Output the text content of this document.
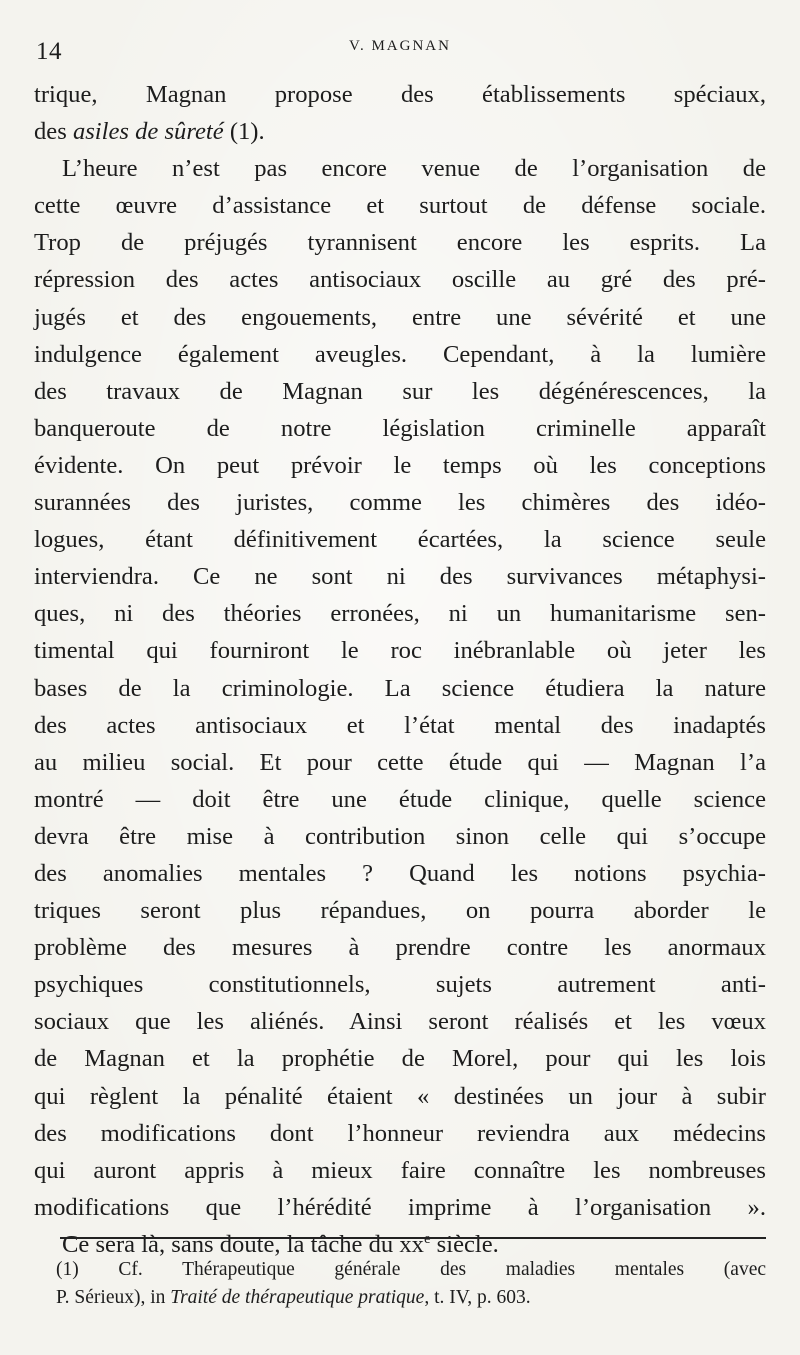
14	V. MAGNAN
trique, Magnan propose des établissements spéciaux,
des asiles de sûreté (1).
L’heure n’est pas encore venue de l’organisation de
cette œuvre d’assistance et surtout de défense sociale.
Trop de préjugés tyrannisent encore les esprits. La
répression des actes antisociaux oscille au gré des pré-
jugés et des engouements, entre une sévérité et une
indulgence également aveugles. Cependant, à la lumière
des travaux de Magnan sur les dégénérescences, la
banqueroute de notre législation criminelle apparaît
évidente. On peut prévoir le temps où les conceptions
surannées des juristes, comme les chimères des idéo-
logues, étant définitivement écartées, la science seule
interviendra. Ce ne sont ni des survivances métaphysi-
ques, ni des théories erronées, ni un humanitarisme sen-
timental qui fourniront le roc inébranlable où jeter les
bases de la criminologie. La science étudiera la nature
des actes antisociaux et l’état mental des inadaptés
au milieu social. Et pour cette étude qui — Magnan l’a
montré — doit être une étude clinique, quelle science
devra être mise à contribution sinon celle qui s’occupe
des anomalies mentales ? Quand les notions psychia-
triques seront plus répandues, on pourra aborder le
problème des mesures à prendre contre les anormaux
psychiques constitutionnels, sujets autrement anti-
sociaux que les aliénés. Ainsi seront réalisés et les vœux
de Magnan et la prophétie de Morel, pour qui les lois
qui règlent la pénalité étaient « destinées un jour à subir
des modifications dont l’honneur reviendra aux médecins
qui auront appris à mieux faire connaître les nombreuses
modifications que l’hérédité imprime à l’organisation ».
Ce sera là, sans doute, la tâche du $xx^e$ siècle.
(1) Cf. Thérapeutique générale des maladies mentales (avec
P. Sérieux), in Traité de thérapeutique pratique, t. IV, p. 603.
